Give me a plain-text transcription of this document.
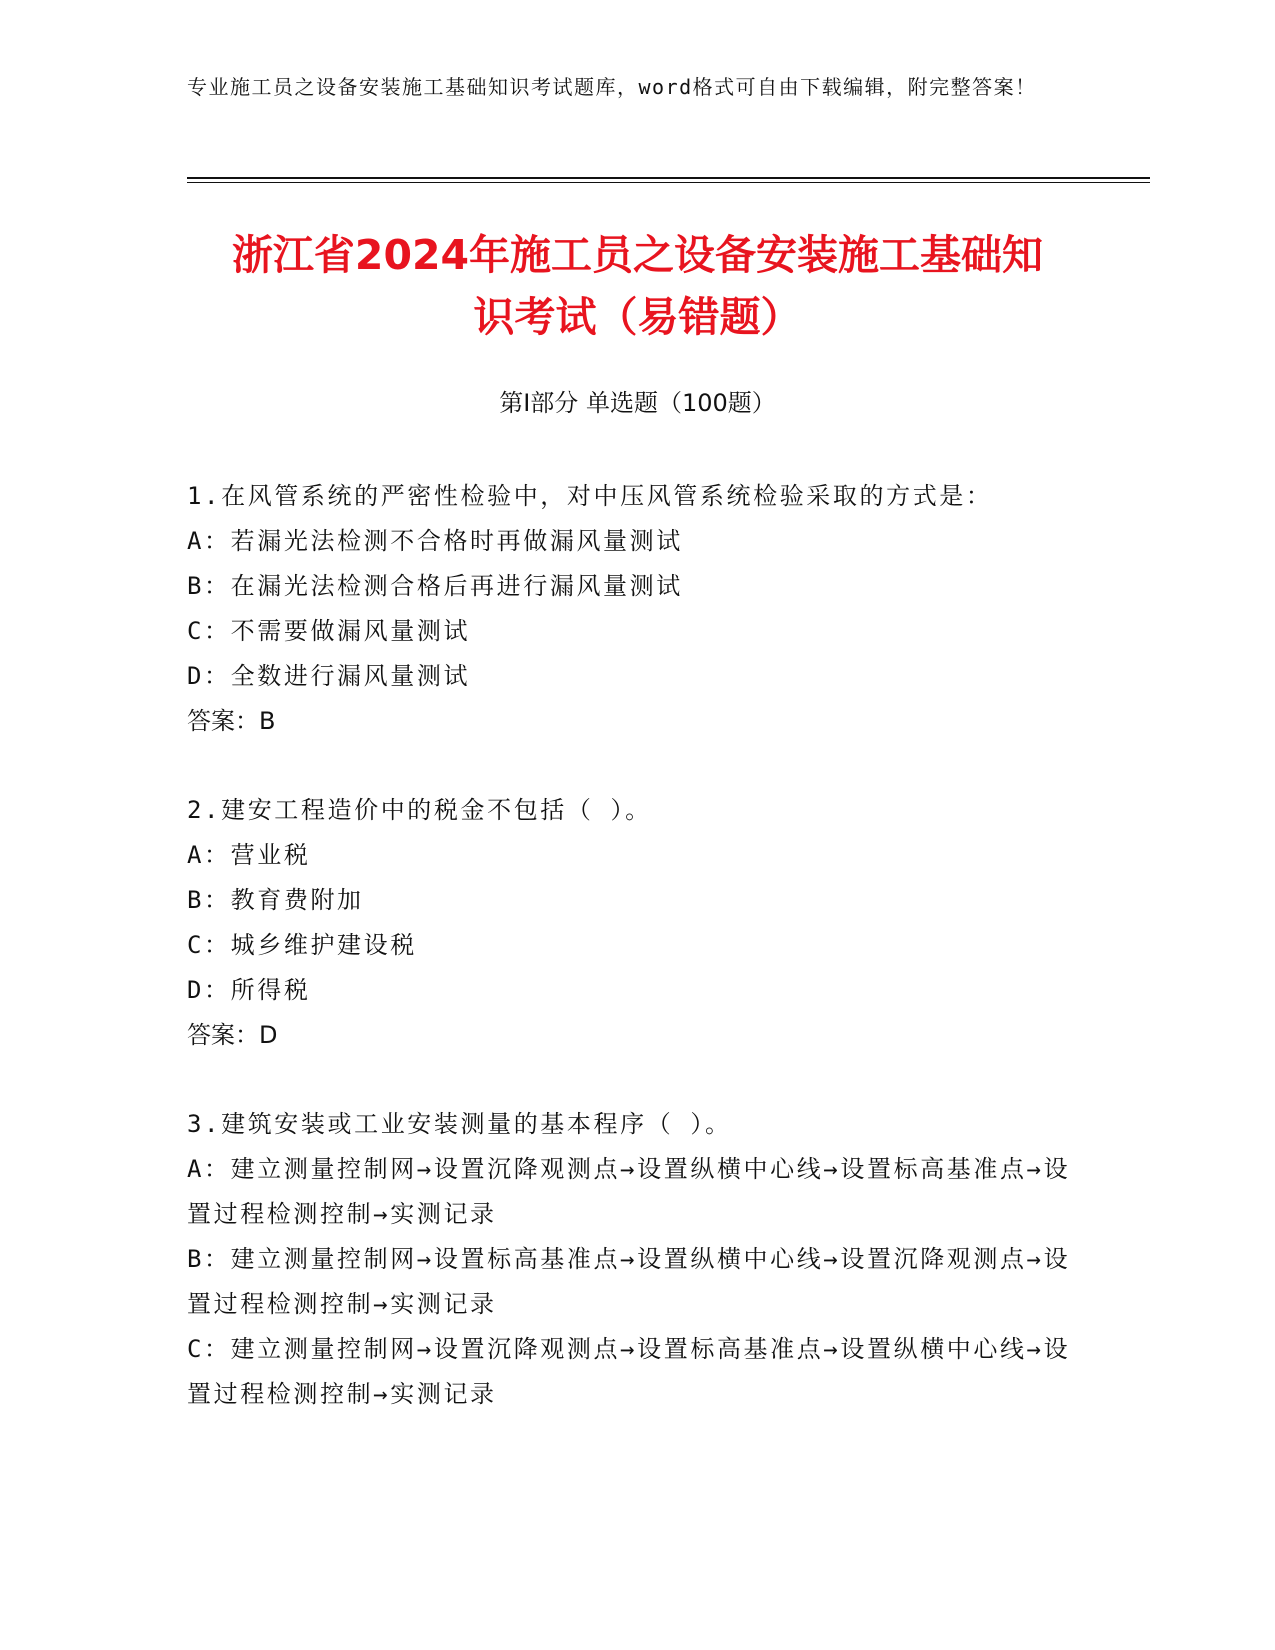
专业施工员之设备安装施工基础知识考试题库，word格式可自由下载编辑，附完整答案！
浙江省2024年施工员之设备安装施工基础知
识考试（易错题）
第Ⅰ部分 单选题（100题）
1.在风管系统的严密性检验中，对中压风管系统检验采取的方式是：
A：若漏光法检测不合格时再做漏风量测试
B：在漏光法检测合格后再进行漏风量测试
C：不需要做漏风量测试
D：全数进行漏风量测试
答案：B
2.建安工程造价中的税金不包括（ ）。
A：营业税
B：教育费附加
C：城乡维护建设税
D：所得税
答案：D
3.建筑安装或工业安装测量的基本程序（ ）。
A：建立测量控制网→设置沉降观测点→设置纵横中心线→设置标高基准点→设置过程检测控制→实测记录
B：建立测量控制网→设置标高基准点→设置纵横中心线→设置沉降观测点→设置过程检测控制→实测记录
C：建立测量控制网→设置沉降观测点→设置标高基准点→设置纵横中心线→设置过程检测控制→实测记录
